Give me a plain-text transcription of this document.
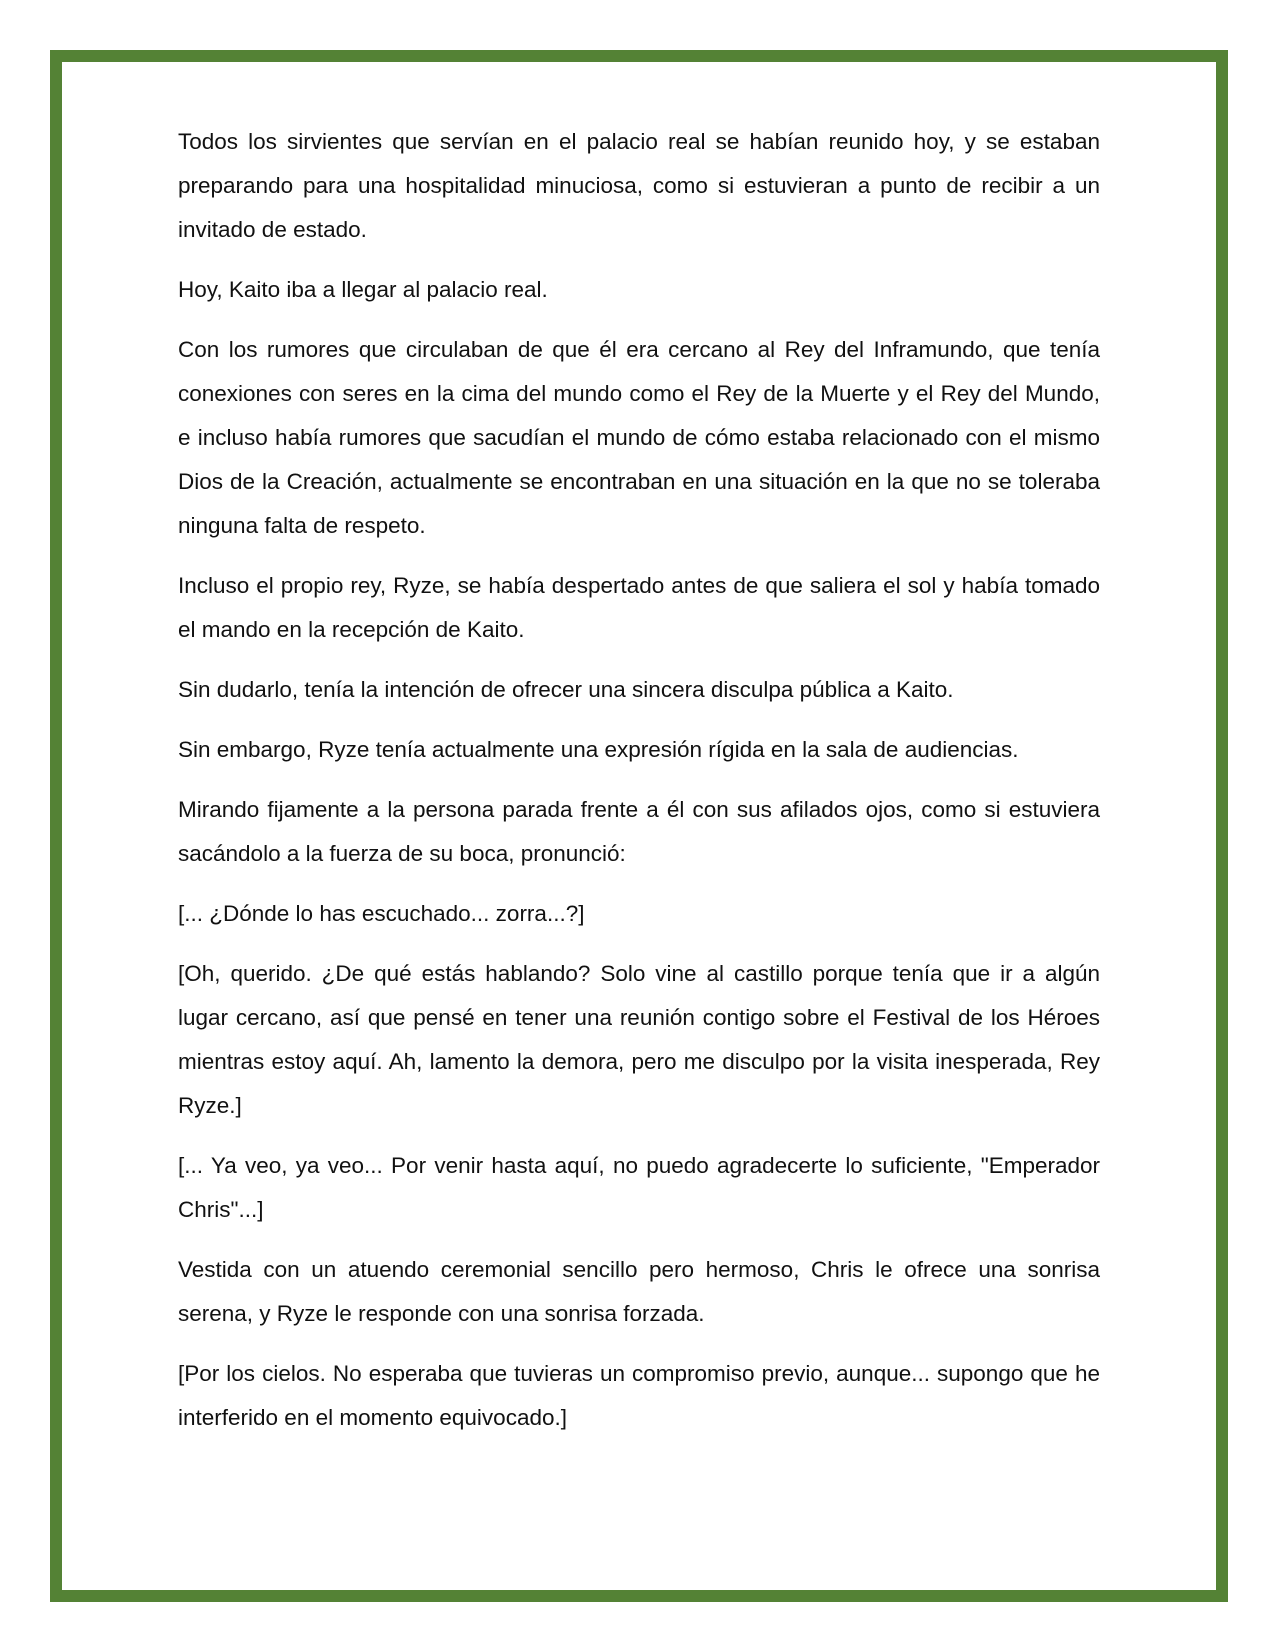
Todos los sirvientes que servían en el palacio real se habían reunido hoy, y se estaban preparando para una hospitalidad minuciosa, como si estuvieran a punto de recibir a un invitado de estado.

Hoy, Kaito iba a llegar al palacio real.

Con los rumores que circulaban de que él era cercano al Rey del Inframundo, que tenía conexiones con seres en la cima del mundo como el Rey de la Muerte y el Rey del Mundo, e incluso había rumores que sacudían el mundo de cómo estaba relacionado con el mismo Dios de la Creación, actualmente se encontraban en una situación en la que no se toleraba ninguna falta de respeto.

Incluso el propio rey, Ryze, se había despertado antes de que saliera el sol y había tomado el mando en la recepción de Kaito.

Sin dudarlo, tenía la intención de ofrecer una sincera disculpa pública a Kaito.

Sin embargo, Ryze tenía actualmente una expresión rígida en la sala de audiencias.

Mirando fijamente a la persona parada frente a él con sus afilados ojos, como si estuviera sacándolo a la fuerza de su boca, pronunció:

[... ¿Dónde lo has escuchado... zorra...?]

[Oh, querido. ¿De qué estás hablando? Solo vine al castillo porque tenía que ir a algún lugar cercano, así que pensé en tener una reunión contigo sobre el Festival de los Héroes mientras estoy aquí. Ah, lamento la demora, pero me disculpo por la visita inesperada, Rey Ryze.]

[... Ya veo, ya veo... Por venir hasta aquí, no puedo agradecerte lo suficiente, "Emperador Chris"...]

Vestida con un atuendo ceremonial sencillo pero hermoso, Chris le ofrece una sonrisa serena, y Ryze le responde con una sonrisa forzada.

[Por los cielos. No esperaba que tuvieras un compromiso previo, aunque... supongo que he interferido en el momento equivocado.]
